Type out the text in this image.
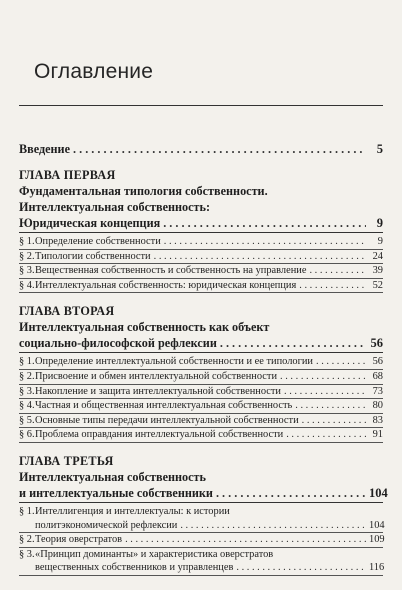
Оглавление
Введение . . .	5
ГЛАВА ПЕРВАЯ
Фундаментальная типология собственности.
Интеллектуальная собственность:
Юридическая концепция . . .	9
§ 1.Определение собственности . . .	9
§ 2.Типологии собственности . . .	24
§ 3.Вещественная собственность и собственность на управление . . .	39
§ 4.Интеллектуальная собственность: юридическая концепция . . .	52
ГЛАВА ВТОРАЯ
Интеллектуальная собственность как объект
социально-философской рефлексии . . .	56
§ 1.Определение интеллектуальной собственности и ее типологии . . .	56
§ 2.Присвоение и обмен интеллектуальной собственности . . .	68
§ 3.Накопление и защита интеллектуальной собственности . . .	73
§ 4.Частная и общественная интеллектуальная собственность . . .	80
§ 5.Основные типы передачи интеллектуальной собственности . . .	83
§ 6.Проблема оправдания интеллектуальной собственности . . .	91
ГЛАВА ТРЕТЬЯ
Интеллектуальная собственность
и интеллектуальные собственники . . .	104
§ 1.Интеллигенция и интеллектуалы: к истории
политэкономической рефлексии . . .	104
§ 2.Теория оверстратов . . .	109
§ 3.«Принцип доминанты» и характеристика оверстратов
вещественных собственников и управленцев . . .	116
